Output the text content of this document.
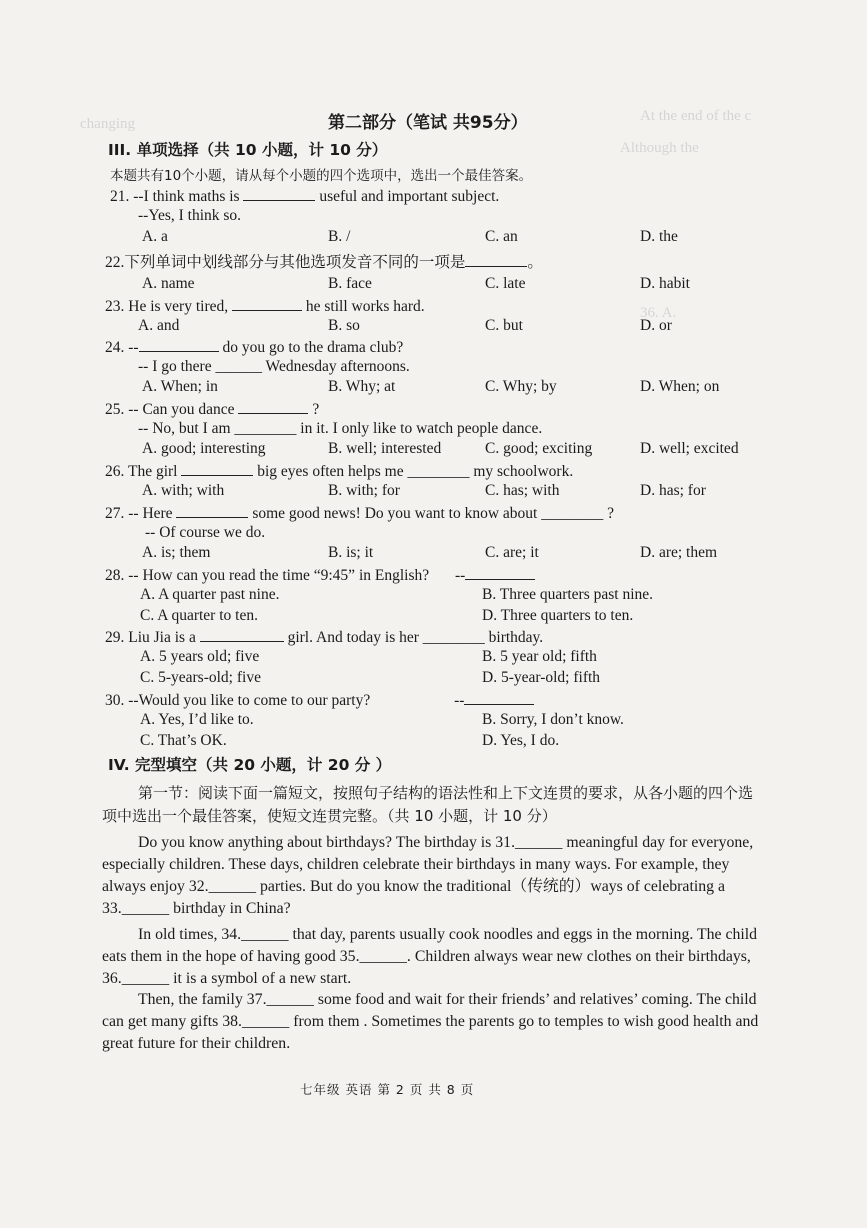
At the end of the c
changing
Although the
36. A.
第二部分（笔试 共95分）
III. 单项选择（共 10 小题，计 10 分）
本题共有10个小题，请从每个小题的四个选项中，选出一个最佳答案。
21. --I think maths is	useful and important subject.
--Yes, I think so.
A. a	B. /	C. an	D. the
22.下列单词中划线部分与其他选项发音不同的一项是	。
A. name	B. face	C. late	D. habit
23. He is very tired,	he still works hard.
A. and	B. so	C. but	D. or
24. --	do you go to the drama club?
-- I go there ______ Wednesday afternoons.
A. When; in	B. Why; at	C. Why; by	D. When; on
25. -- Can you dance	?
-- No, but I am ________ in it. I only like to watch people dance.
A. good; interesting	B. well; interested	C. good; exciting	D. well; excited
26. The girl	big eyes often helps me ________ my schoolwork.
A. with; with	B. with; for	C. has; with	D. has; for
27. -- Here	some good news! Do you want to know about ________ ?
-- Of course we do.
A. is; them	B. is; it	C. are; it	D. are; them
28. -- How can you read the time “9:45” in English? --
A. A quarter past nine.	B. Three quarters past nine.
C. A quarter to ten.	D. Three quarters to ten.
29. Liu Jia is a	girl. And today is her ________ birthday.
A. 5 years old; five	B. 5 year old; fifth
C. 5-years-old; five	D. 5-year-old; fifth
30. --Would you like to come to our party?	--
A. Yes, I’d like to.	B. Sorry, I don’t know.
C. That’s OK.	D. Yes, I do.
IV. 完型填空（共 20 小题，计 20 分 ）
第一节：阅读下面一篇短文，按照句子结构的语法性和上下文连贯的要求，从各小题的四个选项中选出一个最佳答案，使短文连贯完整。（共 10 小题，计 10 分）
Do you know anything about birthdays? The birthday is 31.______ meaningful day for everyone, especially children. These days, children celebrate their birthdays in many ways. For example, they always enjoy 32.______ parties. But do you know the traditional（传统的）ways of celebrating a 33.______ birthday in China?
In old times, 34.______ that day, parents usually cook noodles and eggs in the morning. The child eats them in the hope of having good 35.______. Children always wear new clothes on their birthdays, 36.______ it is a symbol of a new start.
Then, the family 37.______ some food and wait for their friends’ and relatives’ coming. The child can get many gifts 38.______ from them . Sometimes the parents go to temples to wish good health and great future for their children.
七年级 英语 第 2 页 共 8 页
